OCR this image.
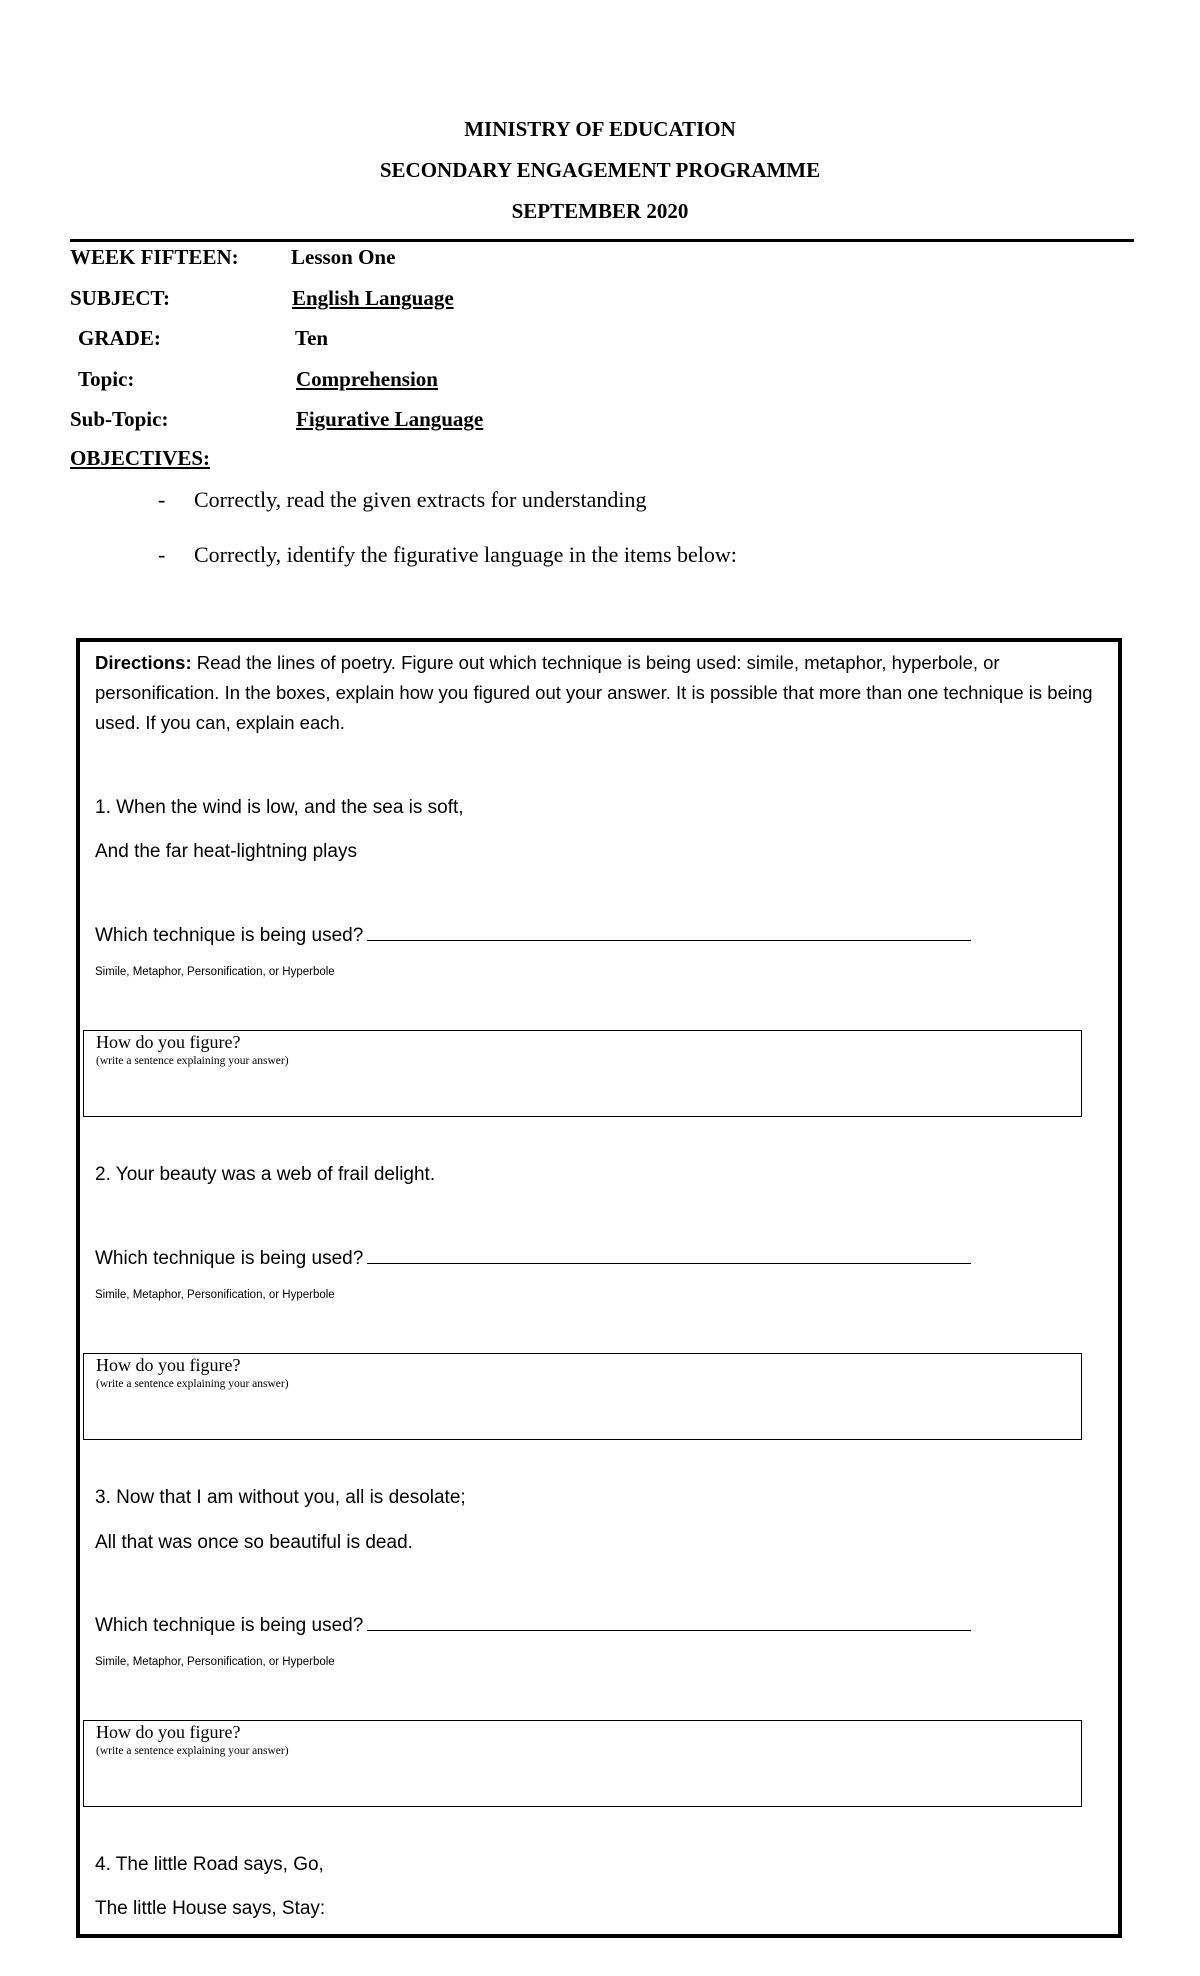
MINISTRY OF EDUCATION
SECONDARY ENGAGEMENT PROGRAMME
SEPTEMBER 2020
WEEK FIFTEEN: Lesson One
SUBJECT:	English Language
GRADE:	Ten
Topic:	Comprehension
Sub-Topic:	Figurative Language
OBJECTIVES:
- Correctly, read the given extracts for understanding
- Correctly, identify the figurative language in the items below:
Directions: Read the lines of poetry. Figure out which technique is being used: simile, metaphor, hyperbole, or personification. In the boxes, explain how you figured out your answer. It is possible that more than one technique is being used. If you can, explain each.
1. When the wind is low, and the sea is soft,
And the far heat-lightning plays
Which technique is being used?
Simile, Metaphor, Personification, or Hyperbole
How do you figure?
(write a sentence explaining your answer)
2. Your beauty was a web of frail delight.
Which technique is being used?
Simile, Metaphor, Personification, or Hyperbole
How do you figure?
(write a sentence explaining your answer)
3. Now that I am without you, all is desolate;
All that was once so beautiful is dead.
Which technique is being used?
Simile, Metaphor, Personification, or Hyperbole
How do you figure?
(write a sentence explaining your answer)
4. The little Road says, Go,
The little House says, Stay:
